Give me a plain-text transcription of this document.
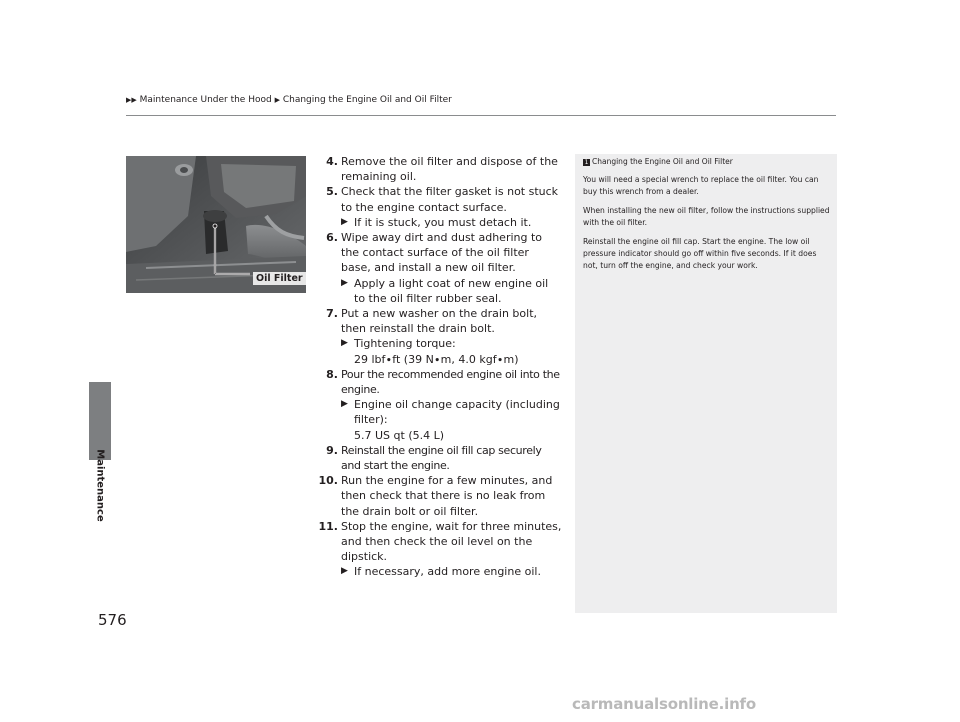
▶▶ Maintenance Under the Hood ▶ Changing the Engine Oil and Oil Filter
Maintenance
Oil Filter
4. Remove the oil filter and dispose of the remaining oil.
5. Check that the filter gasket is not stuck to the engine contact surface.
▶ If it is stuck, you must detach it.
6. Wipe away dirt and dust adhering to the contact surface of the oil filter base, and install a new oil filter.
▶ Apply a light coat of new engine oil to the oil filter rubber seal.
7. Put a new washer on the drain bolt, then reinstall the drain bolt.
▶ Tightening torque:
29 lbf∙ft (39 N∙m, 4.0 kgf∙m)
8. Pour the recommended engine oil into the engine.
▶ Engine oil change capacity (including filter):
5.7 US qt (5.4 L)
9. Reinstall the engine oil fill cap securely and start the engine.
10. Run the engine for a few minutes, and then check that there is no leak from the drain bolt or oil filter.
11. Stop the engine, wait for three minutes, and then check the oil level on the dipstick.
▶ If necessary, add more engine oil.
1 Changing the Engine Oil and Oil Filter

You will need a special wrench to replace the oil filter. You can buy this wrench from a dealer.

When installing the new oil filter, follow the instructions supplied with the oil filter.

Reinstall the engine oil fill cap. Start the engine. The low oil pressure indicator should go off within five seconds. If it does not, turn off the engine, and check your work.

576
carmanualsonline.info
